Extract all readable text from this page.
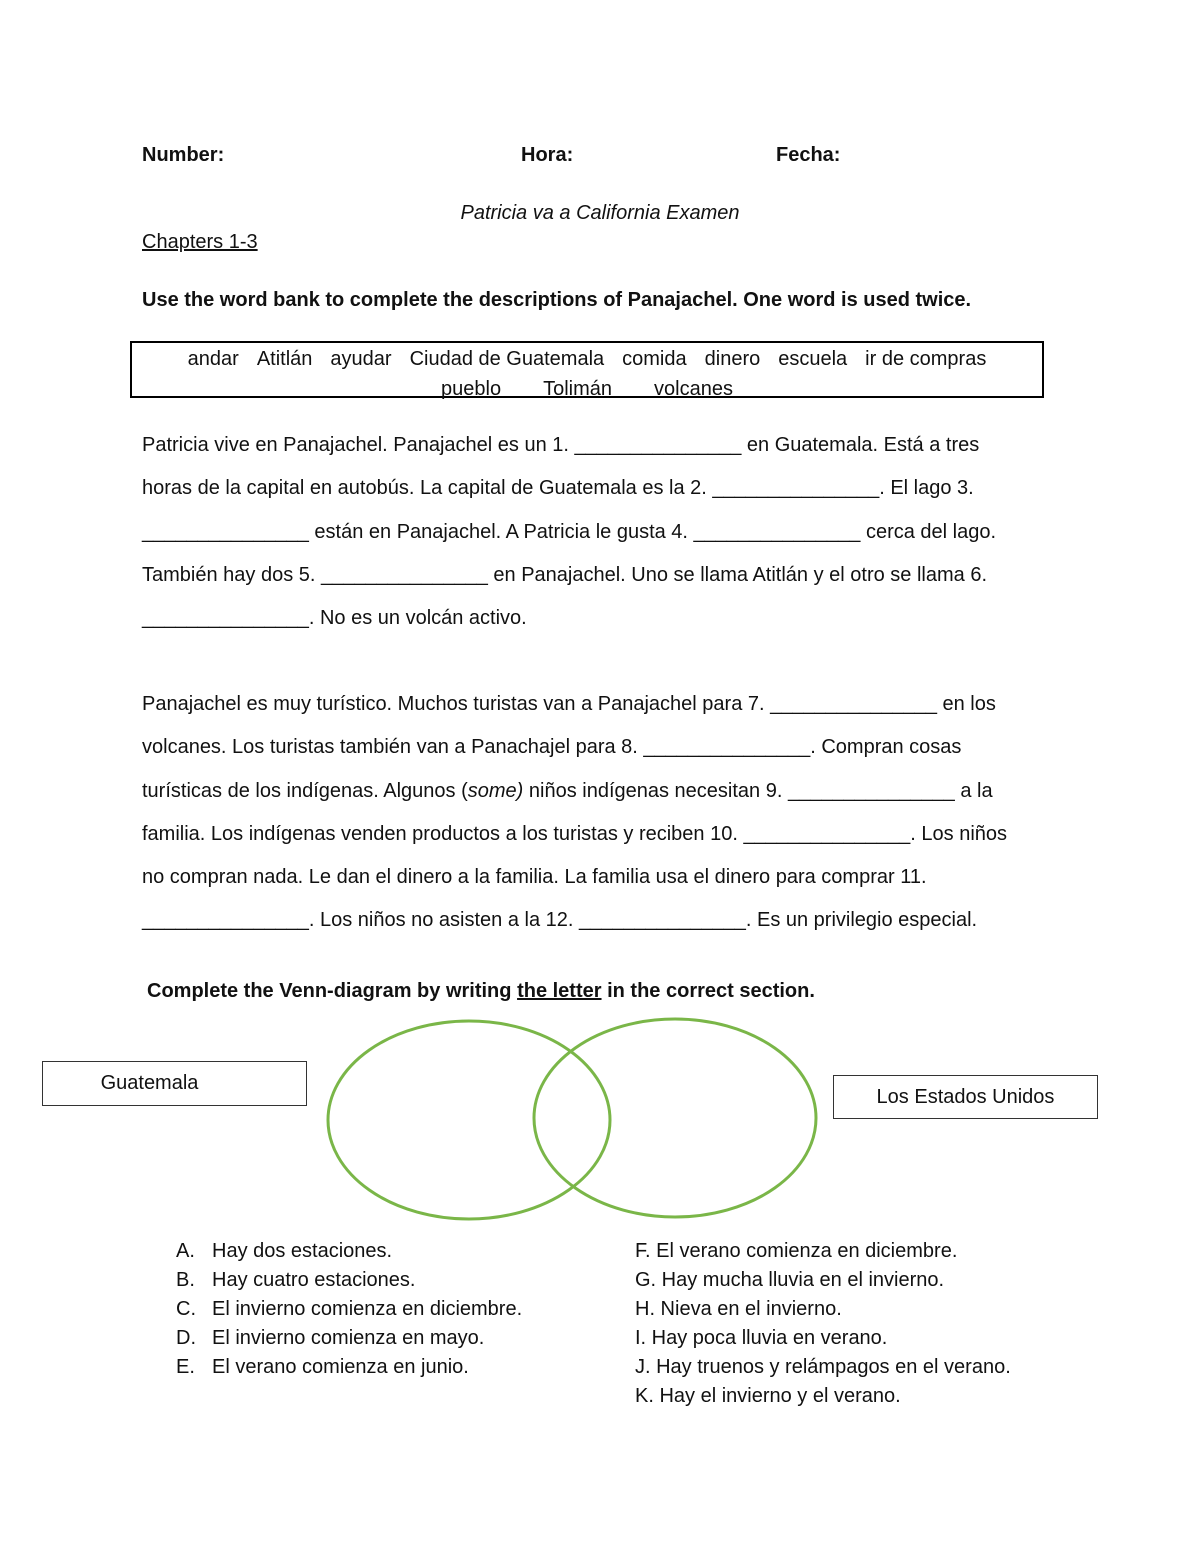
Number:	Hora:	Fecha:
Patricia va a California Examen
Chapters 1-3
Use the word bank to complete the descriptions of Panajachel. One word is used twice.
andar Atitlán ayudar Ciudad de Guatemala comida dinero escuela ir de compras
pueblo	Tolimán	volcanes
Patricia vive en Panajachel. Panajachel es un 1. _______________ en Guatemala. Está a tres
horas de la capital en autobús. La capital de Guatemala es la 2. _______________. El lago 3.
_______________ están en Panajachel. A Patricia le gusta 4. _______________ cerca del lago.
También hay dos 5. _______________ en Panajachel. Uno se llama Atitlán y el otro se llama 6.
_______________. No es un volcán activo.
Panajachel es muy turístico. Muchos turistas van a Panajachel para 7. _______________ en los
volcanes. Los turistas también van a Panachajel para 8. _______________. Compran cosas
turísticas de los indígenas. Algunos (some) niños indígenas necesitan 9. _______________ a la
familia. Los indígenas venden productos a los turistas y reciben 10. _______________. Los niños
no compran nada. Le dan el dinero a la familia. La familia usa el dinero para comprar 11.
_______________. Los niños no asisten a la 12. _______________. Es un privilegio especial.
Complete the Venn-diagram by writing the letter in the correct section.
Guatemala
Los Estados Unidos
A. Hay dos estaciones.
B. Hay cuatro estaciones.
C. El invierno comienza en diciembre.
D. El invierno comienza en mayo.
E. El verano comienza en junio.
F. El verano comienza en diciembre.
G. Hay mucha lluvia en el invierno.
H. Nieva en el invierno.
I. Hay poca lluvia en verano.
J. Hay truenos y relámpagos en el verano.
K. Hay el invierno y el verano.
